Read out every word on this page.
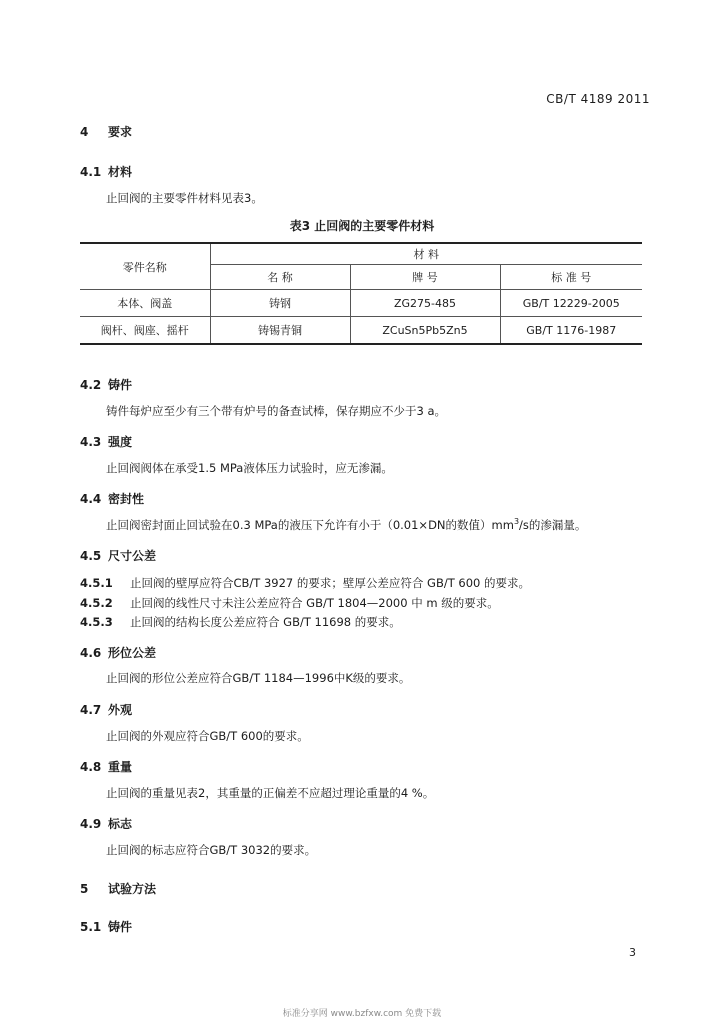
CB/T 4189 2011
4 要求
4.1 材料
止回阀的主要零件材料见表3。
表3 止回阀的主要零件材料
零件名称	材 料		
	名 称	牌 号	标 准 号
本体、阀盖	铸钢	ZG275-485	GB/T 12229-2005
阀杆、阀座、摇杆	铸锡青铜	ZCuSn5Pb5Zn5	GB/T 1176-1987
4.2 铸件
铸件每炉应至少有三个带有炉号的备查试棒，保存期应不少于3 a。
4.3 强度
止回阀阀体在承受1.5 MPa液体压力试验时，应无渗漏。
4.4 密封性
止回阀密封面止回试验在0.3 MPa的液压下允许有小于（0.01×DN的数值）$mm^3/s$的渗漏量。
4.5 尺寸公差
4.5.1 止回阀的壁厚应符合CB/T 3927 的要求；壁厚公差应符合 GB/T 600 的要求。
4.5.2 止回阀的线性尺寸未注公差应符合 GB/T 1804—2000 中 m 级的要求。
4.5.3 止回阀的结构长度公差应符合 GB/T 11698 的要求。
4.6 形位公差
止回阀的形位公差应符合GB/T 1184—1996中K级的要求。
4.7 外观
止回阀的外观应符合GB/T 600的要求。
4.8 重量
止回阀的重量见表2，其重量的正偏差不应超过理论重量的4 %。
4.9 标志
止回阀的标志应符合GB/T 3032的要求。
5 试验方法
5.1 铸件
3
标准分享网 www.bzfxw.com 免费下载
